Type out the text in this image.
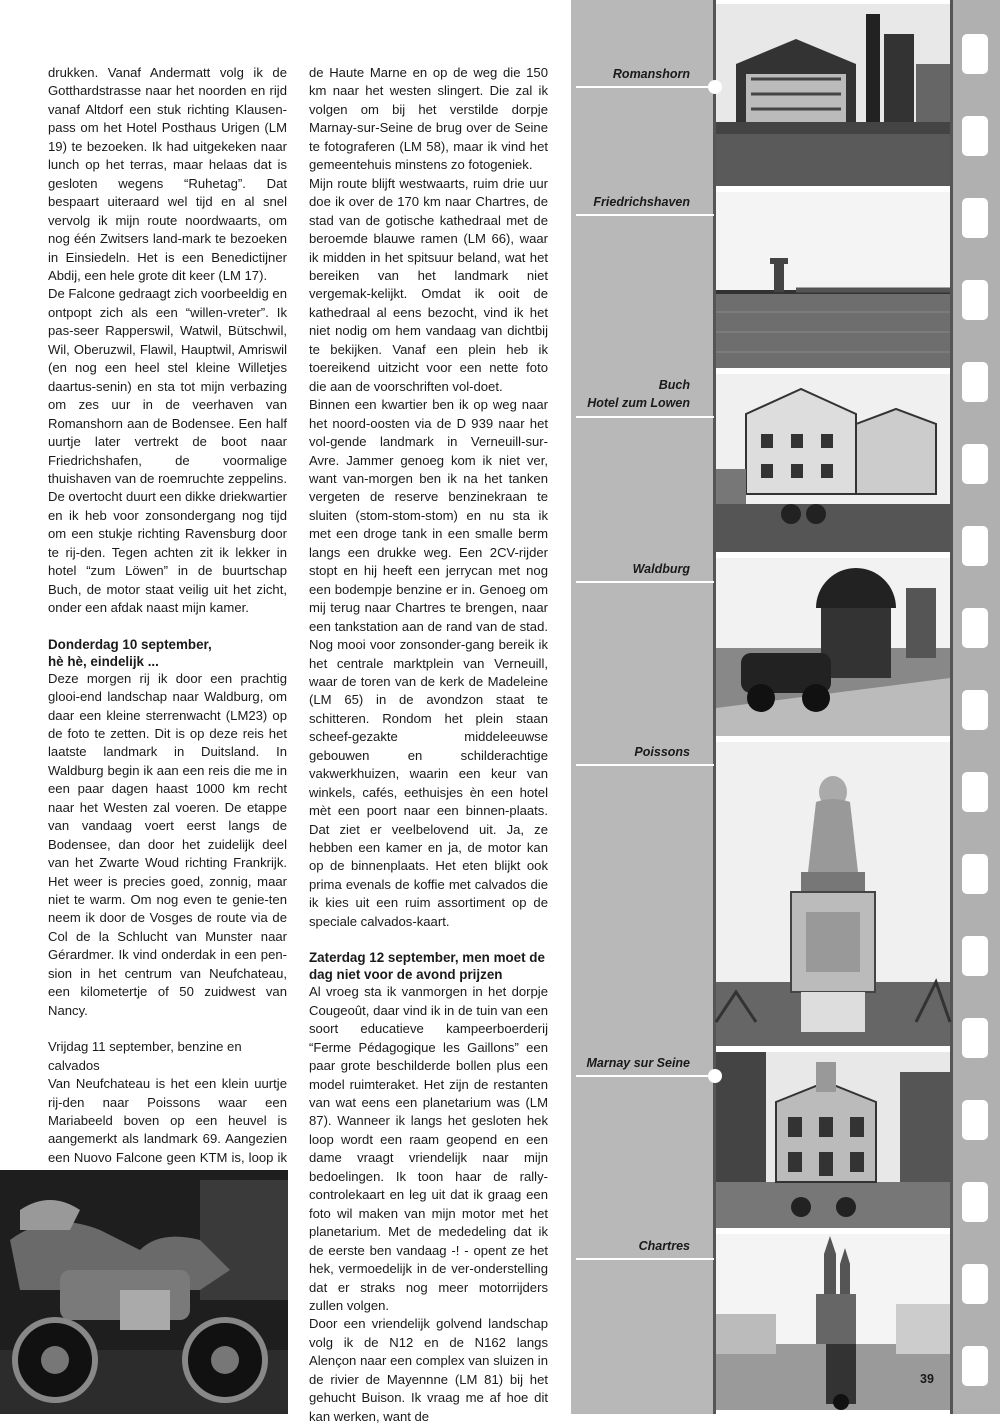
drukken. Vanaf Andermatt volg ik de Gotthardstrasse naar het noorden en rijd vanaf Altdorf een stuk richting Klausen-pass om het Hotel Posthaus Urigen (LM 19) te bezoeken. Ik had uitgekeken naar lunch op het terras, maar helaas dat is gesloten wegens “Ruhetag”. Dat bespaart uiteraard wel tijd en al snel vervolg ik mijn route noordwaarts, om nog één Zwitsers land-mark te bezoeken in Einsiedeln. Het is een Benedictijner Abdij, een hele grote dit keer (LM 17).

De Falcone gedraagt zich voorbeeldig en ontpopt zich als een “willen-vreter”. Ik pas-seer Rapperswil, Watwil, Bütschwil, Wil, Oberuzwil, Flawil, Hauptwil, Amriswil (en nog een heel stel kleine Willetjes daartus-senin) en sta tot mijn verbazing om zes uur in de veerhaven van Romanshorn aan de Bodensee. Een half uurtje later vertrekt de boot naar Friedrichshafen, de voormalige thuishaven van de roemruchte zeppelins. De overtocht duurt een dikke driekwartier en ik heb voor zonsondergang nog tijd om een stukje richting Ravensburg door te rij-den. Tegen achten zit ik lekker in hotel “zum Löwen” in de buurtschap Buch, de motor staat veilig uit het zicht, onder een afdak naast mijn kamer.

Donderdag 10 september,
hè hè, eindelijk ...

Deze morgen rij ik door een prachtig glooi-end landschap naar Waldburg, om daar een kleine sterrenwacht (LM23) op de foto te zetten. Dit is op deze reis het laatste landmark in Duitsland. In Waldburg begin ik aan een reis die me in een paar dagen haast 1000 km recht naar het Westen zal voeren. De etappe van vandaag voert eerst langs de Bodensee, dan door het zuidelijk deel van het Zwarte Woud richting Frankrijk. Het weer is precies goed, zonnig, maar niet te warm. Om nog even te genie-ten neem ik door de Vosges de route via de Col de la Schlucht van Munster naar Gérardmer. Ik vind onderdak in een pen-sion in het centrum van Neufchateau, een kilometertje of 50 zuidwest van Nancy.

Vrijdag 11 september, benzine en calvados

Van Neufchateau is het een klein uurtje rij-den naar Poissons waar een Mariabeeld boven op een heuvel is aangemerkt als landmark 69. Aangezien een Nuovo Falcone geen KTM is, loop ik

de Haute Marne en op de weg die 150 km naar het westen slingert. Die zal ik volgen om bij het verstilde dorpje Marnay-sur-Seine de brug over de Seine te fotograferen (LM 58), maar ik vind het gemeentehuis minstens zo fotogeniek.

Mijn route blijft westwaarts, ruim drie uur doe ik over de 170 km naar Chartres, de stad van de gotische kathedraal met de beroemde blauwe ramen (LM 66), waar ik midden in het spitsuur beland, wat het bereiken van het landmark niet vergemak-kelijkt. Omdat ik ooit de kathedraal al eens bezocht, vind ik het niet nodig om hem vandaag van dichtbij te bekijken. Vanaf een plein heb ik toereikend uitzicht voor een nette foto die aan de voorschriften vol-doet.

Binnen een kwartier ben ik op weg naar het noord-oosten via de D 939 naar het vol-gende landmark in Verneuill-sur-Avre. Jammer genoeg kom ik niet ver, want van-morgen ben ik na het tanken vergeten de reserve benzinekraan te sluiten (stom-stom-stom) en nu sta ik met een droge tank in een smalle berm langs een drukke weg. Een 2CV-rijder stopt en hij heeft een jerrycan met nog een bodempje benzine er in. Genoeg om mij terug naar Chartres te brengen, naar een tankstation aan de rand van de stad. Nog mooi voor zonsonder-gang bereik ik het centrale marktplein van Verneuill, waar de toren van de kerk de Madeleine (LM 65) in de avondzon staat te schitteren. Rondom het plein staan scheef-gezakte middeleeuwse gebouwen en schilderachtige vakwerkhuizen, waarin een keur van winkels, cafés, eethuisjes èn een hotel mèt een poort naar een binnen-plaats. Dat ziet er veelbelovend uit. Ja, ze hebben een kamer en ja, de motor kan op de binnenplaats. Het eten blijkt ook prima evenals de koffie met calvados die ik kies uit een ruim assortiment op de speciale calvados-kaart.

Zaterdag 12 september, men moet de
dag niet voor de avond prijzen

Al vroeg sta ik vanmorgen in het dorpje Cougeoût, daar vind ik in de tuin van een soort educatieve kampeerboerderij “Ferme Pédagogique les Gaillons” een paar grote beschilderde bollen plus een model ruimteraket. Het zijn de restanten van wat eens een planetarium was (LM 87). Wanneer ik langs het gesloten hek loop wordt een raam geopend en een dame vraagt vriendelijk naar mijn bedoelingen. Ik toon haar de rally-controlekaart en leg uit dat ik graag een foto wil maken van mijn motor met het planetarium. Met de mededeling dat ik de eerste ben vandaag -! - opent ze het hek, vermoedelijk in de ver-onderstelling dat er straks nog meer motorrijders zullen volgen.

Door een vriendelijk golvend landschap volg ik de N12 en de N162 langs Alençon naar een complex van sluizen in de rivier de Mayennne (LM 81) bij het gehucht Buison. Ik vraag me af hoe dit kan werken, want de

Romanshorn
Friedrichshaven
Buch
Hotel zum Lowen
Waldburg
Poissons
Marnay sur Seine
Chartres
39
